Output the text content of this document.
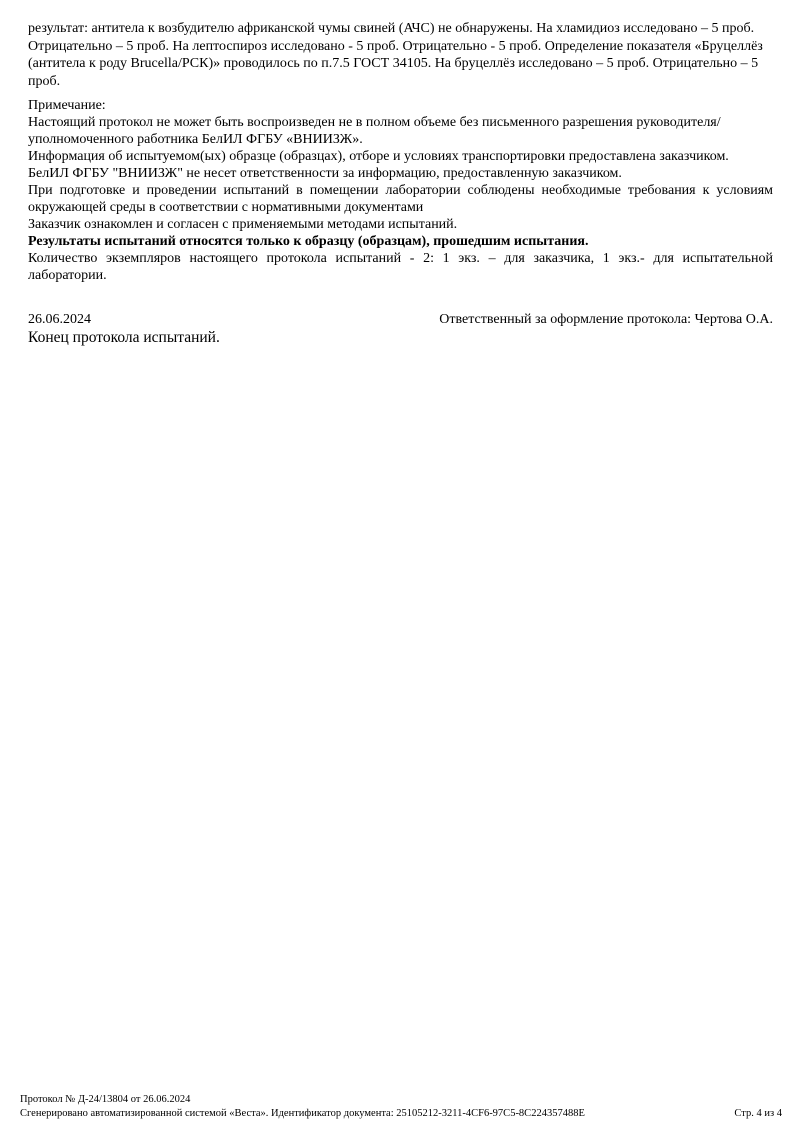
результат: антитела к возбудителю африканской чумы свиней (АЧС) не обнаружены. На хламидиоз исследовано – 5 проб. Отрицательно – 5 проб. На лептоспироз исследовано - 5 проб. Отрицательно - 5 проб. Определение показателя «Бруцеллёз (антитела к роду Brucella/РСК)» проводилось по п.7.5 ГОСТ 34105. На бруцеллёз исследовано – 5 проб. Отрицательно – 5 проб.

Примечание:

Настоящий протокол не может быть воспроизведен не в полном объеме без письменного разрешения руководителя/уполномоченного работника БелИЛ ФГБУ «ВНИИЗЖ».

Информация об испытуемом(ых) образце (образцах), отборе и условиях транспортировки предоставлена заказчиком.

БелИЛ ФГБУ "ВНИИЗЖ" не несет ответственности за информацию, предоставленную заказчиком.

При подготовке и проведении испытаний в помещении лаборатории соблюдены необходимые требования к условиям окружающей среды в соответствии с нормативными документами

Заказчик ознакомлен и согласен с применяемыми методами испытаний.

Результаты испытаний относятся только к образцу (образцам), прошедшим испытания.

Количество экземпляров настоящего протокола испытаний - 2: 1 экз. – для заказчика, 1 экз.- для испытательной лаборатории.

26.06.2024	Ответственный за оформление протокола: Чертова О.А.
Конец протокола испытаний.
Протокол № Д-24/13804 от 26.06.2024
Сгенерировано автоматизированной системой «Веста». Идентификатор документа: 25105212-3211-4CF6-97C5-8C224357488E	Стр. 4 из 4
